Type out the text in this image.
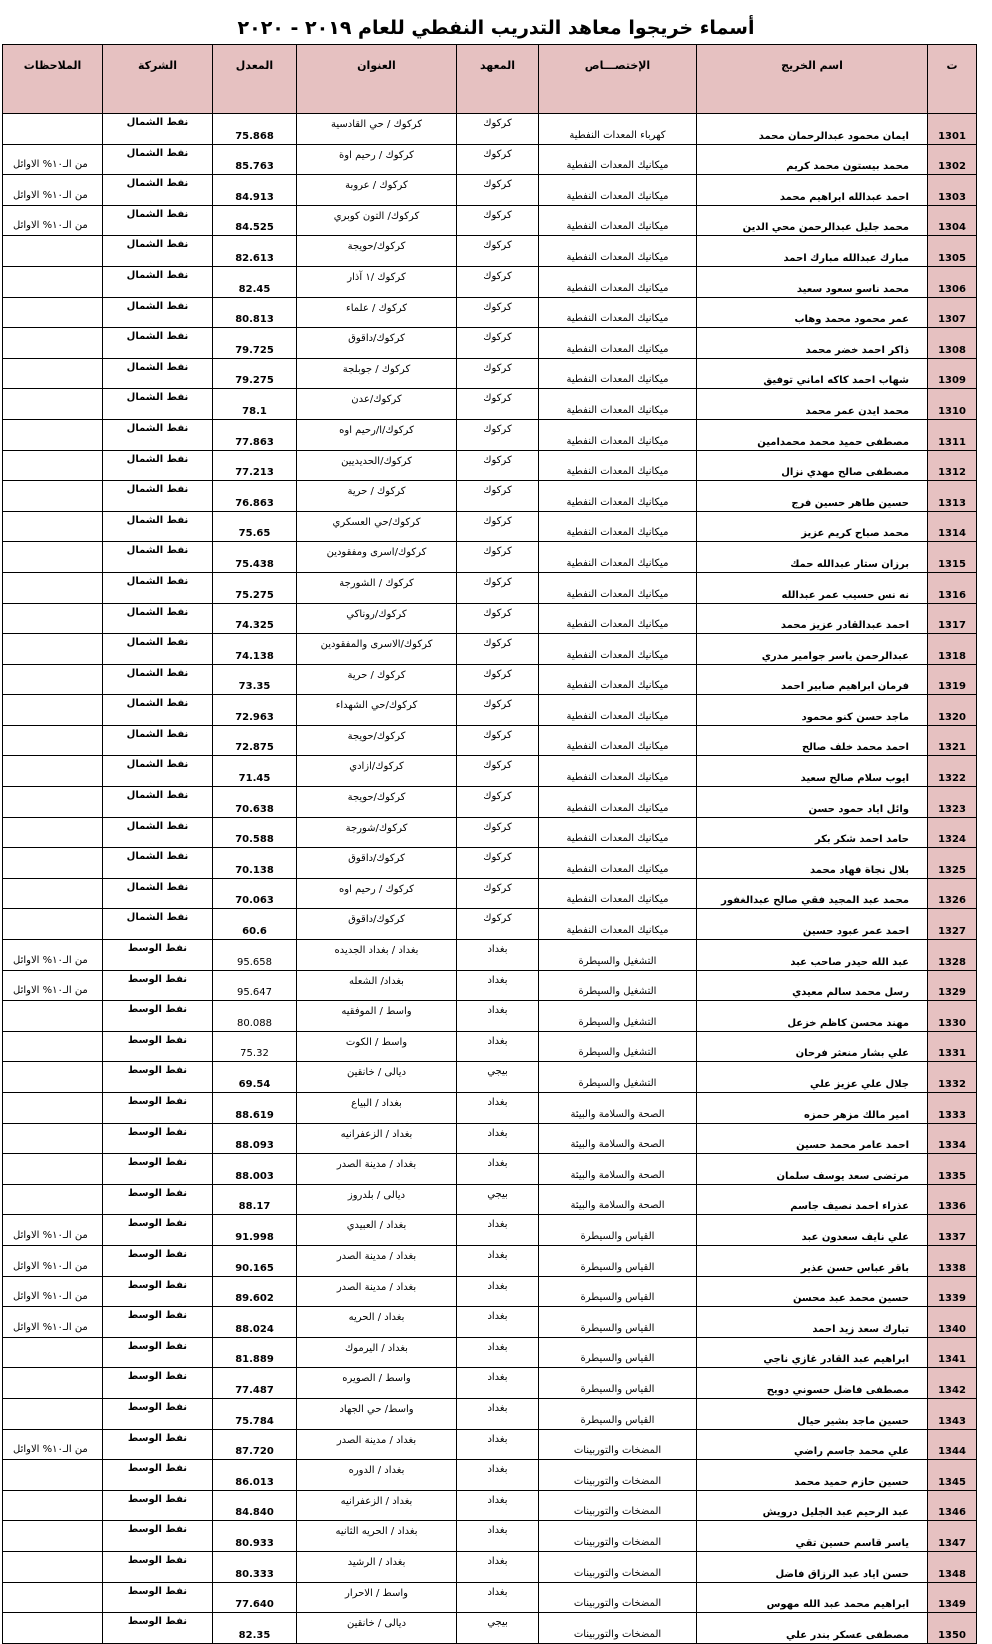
أسماء خريجوا معاهد التدريب النفطي للعام ٢٠١٩ - ٢٠٢٠
ت	اسم الخريج	الإختصـــاص	المعهد	العنوان	المعدل	الشركة	الملاحظات
1301	ايمان محمود عبدالرحمان محمد	كهرباء المعدات النفطية	كركوك	كركوك / حي القادسية	75.868	نفط الشمال	
1302	محمد بيستون محمد كريم	ميكانيك المعدات النفطية	كركوك	كركوك / رحيم اوة	85.763	نفط الشمال	من الـ١٠% الاوائل
1303	احمد عبدالله ابراهيم محمد	ميكانيك المعدات النفطية	كركوك	كركوك / عروبة	84.913	نفط الشمال	من الـ١٠% الاوائل
1304	محمد جليل عبدالرحمن محي الدين	ميكانيك المعدات النفطية	كركوك	كركوك/ التون كوبري	84.525	نفط الشمال	من الـ١٠% الاوائل
1305	مبارك عبدالله مبارك احمد	ميكانيك المعدات النفطية	كركوك	كركوك/حويجة	82.613	نفط الشمال	
1306	محمد ناسو سعود سعيد	ميكانيك المعدات النفطية	كركوك	كركوك /١ آذار	82.45	نفط الشمال	
1307	عمر محمود محمد وهاب	ميكانيك المعدات النفطية	كركوك	كركوك / علماء	80.813	نفط الشمال	
1308	ذاكر احمد خضر محمد	ميكانيك المعدات النفطية	كركوك	كركوك/داقوق	79.725	نفط الشمال	
1309	شهاب احمد كاكه اماني توفيق	ميكانيك المعدات النفطية	كركوك	كركوك / جوبلجة	79.275	نفط الشمال	
1310	محمد ايدن عمر محمد	ميكانيك المعدات النفطية	كركوك	كركوك/عدن	78.1	نفط الشمال	
1311	مصطفى حميد محمد محمدامين	ميكانيك المعدات النفطية	كركوك	كركوك/ا/رحيم اوه	77.863	نفط الشمال	
1312	مصطفى صالح مهدي نزال	ميكانيك المعدات النفطية	كركوك	كركوك/الحديديين	77.213	نفط الشمال	
1313	حسين طاهر حسين فرج	ميكانيك المعدات النفطية	كركوك	كركوك / حرية	76.863	نفط الشمال	
1314	محمد صباح كريم عزيز	ميكانيك المعدات النفطية	كركوك	كركوك/حي العسكري	75.65	نفط الشمال	
1315	برزان ستار عبدالله حمك	ميكانيك المعدات النفطية	كركوك	كركوك/اسرى ومفقودين	75.438	نفط الشمال	
1316	نه نس حسيب عمر عبدالله	ميكانيك المعدات النفطية	كركوك	كركوك / الشورجة	75.275	نفط الشمال	
1317	احمد عبدالقادر عزيز محمد	ميكانيك المعدات النفطية	كركوك	كركوك/روناكي	74.325	نفط الشمال	
1318	عبدالرحمن ياسر جوامير مدري	ميكانيك المعدات النفطية	كركوك	كركوك/الاسرى والمفقودين	74.138	نفط الشمال	
1319	فرمان ابراهيم صابير احمد	ميكانيك المعدات النفطية	كركوك	كركوك / حرية	73.35	نفط الشمال	
1320	ماجد حسن كنو محمود	ميكانيك المعدات النفطية	كركوك	كركوك/حي الشهداء	72.963	نفط الشمال	
1321	احمد محمد خلف صالح	ميكانيك المعدات النفطية	كركوك	كركوك/حويجة	72.875	نفط الشمال	
1322	ايوب سلام صالح سعيد	ميكانيك المعدات النفطية	كركوك	كركوك/ازادي	71.45	نفط الشمال	
1323	وائل اياد حمود حسن	ميكانيك المعدات النفطية	كركوك	كركوك/حويجة	70.638	نفط الشمال	
1324	حامد احمد شكر بكر	ميكانيك المعدات النفطية	كركوك	كركوك/شورجة	70.588	نفط الشمال	
1325	بلال نجاة فهاد محمد	ميكانيك المعدات النفطية	كركوك	كركوك/داقوق	70.138	نفط الشمال	
1326	محمد عبد المجيد فقي صالح عبدالغفور	ميكانيك المعدات النفطية	كركوك	كركوك / رحيم اوه	70.063	نفط الشمال	
1327	احمد عمر عبود حسين	ميكانيك المعدات النفطية	كركوك	كركوك/داقوق	60.6	نفط الشمال	
1328	عبد الله حيدر صاحب عبد	التشغيل والسيطرة	بغداد	بغداد / بغداد الجديده	95.658	نفط الوسط	من الـ١٠% الاوائل
1329	رسل محمد سالم معيدي	التشغيل والسيطرة	بغداد	بغداد/ الشعله	95.647	نفط الوسط	من الـ١٠% الاوائل
1330	مهند محسن كاظم خزعل	التشغيل والسيطرة	بغداد	واسط / الموفقيه	80.088	نفط الوسط	
1331	علي بشار منعثر فرحان	التشغيل والسيطرة	بغداد	واسط / الكوت	75.32	نفط الوسط	
1332	جلال علي عزيز علي	التشغيل والسيطرة	بيجي	ديالى / خانقين	69.54	نفط الوسط	
1333	امير مالك مزهر حمزه	الصحة والسلامة والبيئة	بغداد	بغداد / البياع	88.619	نفط الوسط	
1334	احمد عامر محمد حسين	الصحة والسلامة والبيئة	بغداد	بغداد / الزعفرانيه	88.093	نفط الوسط	
1335	مرتضى سعد يوسف سلمان	الصحة والسلامة والبيئة	بغداد	بغداد / مدينة الصدر	88.003	نفط الوسط	
1336	عذراء احمد نصيف جاسم	الصحة والسلامة والبيئة	بيجي	ديالى / بلدروز	88.17	نفط الوسط	
1337	علي نايف سعدون عبد	القياس والسيطرة	بغداد	بغداد / العبيدي	91.998	نفط الوسط	من الـ١٠% الاوائل
1338	باقر عباس حسن عذير	القياس والسيطرة	بغداد	بغداد / مدينة الصدر	90.165	نفط الوسط	من الـ١٠% الاوائل
1339	حسين محمد عبد محسن	القياس والسيطرة	بغداد	بغداد / مدينة الصدر	89.602	نفط الوسط	من الـ١٠% الاوائل
1340	تبارك سعد زيد احمد	القياس والسيطرة	بغداد	بغداد / الحريه	88.024	نفط الوسط	من الـ١٠% الاوائل
1341	ابراهيم عبد القادر غازي ناجي	القياس والسيطرة	بغداد	بغداد / اليرموك	81.889	نفط الوسط	
1342	مصطفى فاضل حسوني دويح	القياس والسيطرة	بغداد	واسط / الصويره	77.487	نفط الوسط	
1343	حسين ماجد بشير حيال	القياس والسيطرة	بغداد	واسط/ حي الجهاد	75.784	نفط الوسط	
1344	علي محمد جاسم راضي	المضخات والتوربينات	بغداد	بغداد / مدينة الصدر	87.720	نفط الوسط	من الـ١٠% الاوائل
1345	حسين حازم حميد محمد	المضخات والتوربينات	بغداد	بغداد / الدوره	86.013	نفط الوسط	
1346	عبد الرحيم عبد الجليل درويش	المضخات والتوربينات	بغداد	بغداد / الزعفرانيه	84.840	نفط الوسط	
1347	ياسر قاسم حسين تقي	المضخات والتوربينات	بغداد	بغداد / الحريه الثانيه	80.933	نفط الوسط	
1348	حسن اياد عبد الرزاق فاضل	المضخات والتوربينات	بغداد	بغداد / الرشيد	80.333	نفط الوسط	
1349	ابراهيم محمد عبد الله مهوس	المضخات والتوربينات	بغداد	واسط / الاحرار	77.640	نفط الوسط	
1350	مصطفى عسكر بندر علي	المضخات والتوربينات	بيجي	ديالى / خانقين	82.35	نفط الوسط	
